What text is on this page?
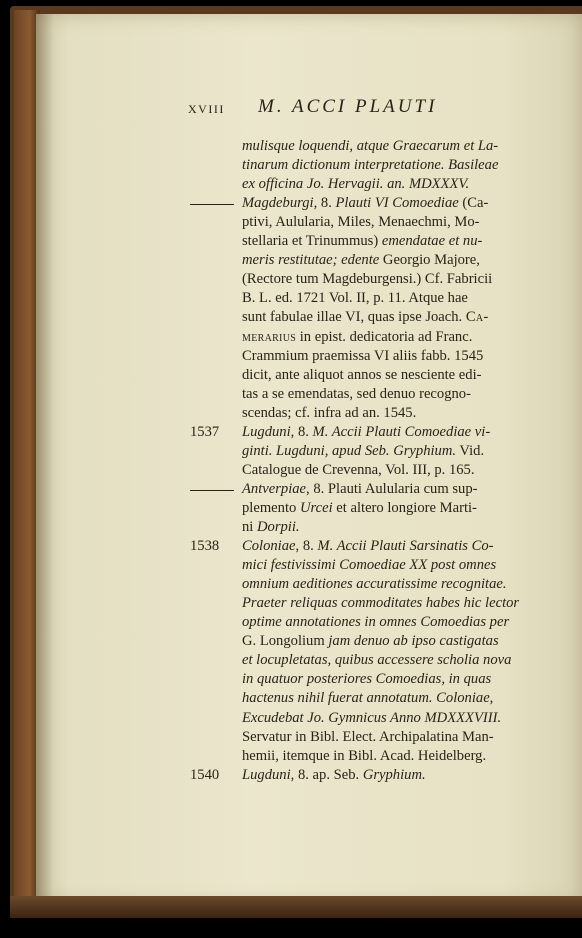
XVIII M. ACCI PLAUTI
mulisque loquendi, atque Graecarum et La-
tinarum dictionum interpretatione. Basileae
ex officina Jo. Hervagii. an. MDXXXV.
Magdeburgi, 8. Plauti VI Comoediae (Ca-
ptivi, Aulularia, Miles, Menaechmi, Mo-
stellaria et Trinummus) emendatae et nu-
meris restitutae; edente Georgio Majore,
(Rectore tum Magdeburgensi.) Cf. Fabricii
B. L. ed. 1721 Vol. II, p. 11. Atque hae
sunt fabulae illae VI, quas ipse Joach. Ca-
merarius in epist. dedicatoria ad Franc.
Crammium praemissa VI aliis fabb. 1545
dicit, ante aliquot annos se nesciente edi-
tas a se emendatas, sed denuo recogno-
scendas; cf. infra ad an. 1545.
Lugduni, 8. M. Accii Plauti Comoediae vi-
1537
ginti. Lugduni, apud Seb. Gryphium. Vid.
Catalogue de Crevenna, Vol. III, p. 165.
Antverpiae, 8. Plauti Aulularia cum sup-
plemento Urcei et altero longiore Marti-
ni Dorpii.
Coloniae, 8. M. Accii Plauti Sarsinatis Co-
1538
mici festivissimi Comoediae XX post omnes
omnium aeditiones accuratissime recognitae.
Praeter reliquas commoditates habes hic lector
optime annotationes in omnes Comoedias per
G. Longolium jam denuo ab ipso castigatas
et locupletatas, quibus accessere scholia nova
in quatuor posteriores Comoedias, in quas
hactenus nihil fuerat annotatum. Coloniae,
Excudebat Jo. Gymnicus Anno MDXXXVIII.
Servatur in Bibl. Elect. Archipalatina Man-
hemii, itemque in Bibl. Acad. Heidelberg.
Lugduni, 8. ap. Seb. Gryphium.
1540
